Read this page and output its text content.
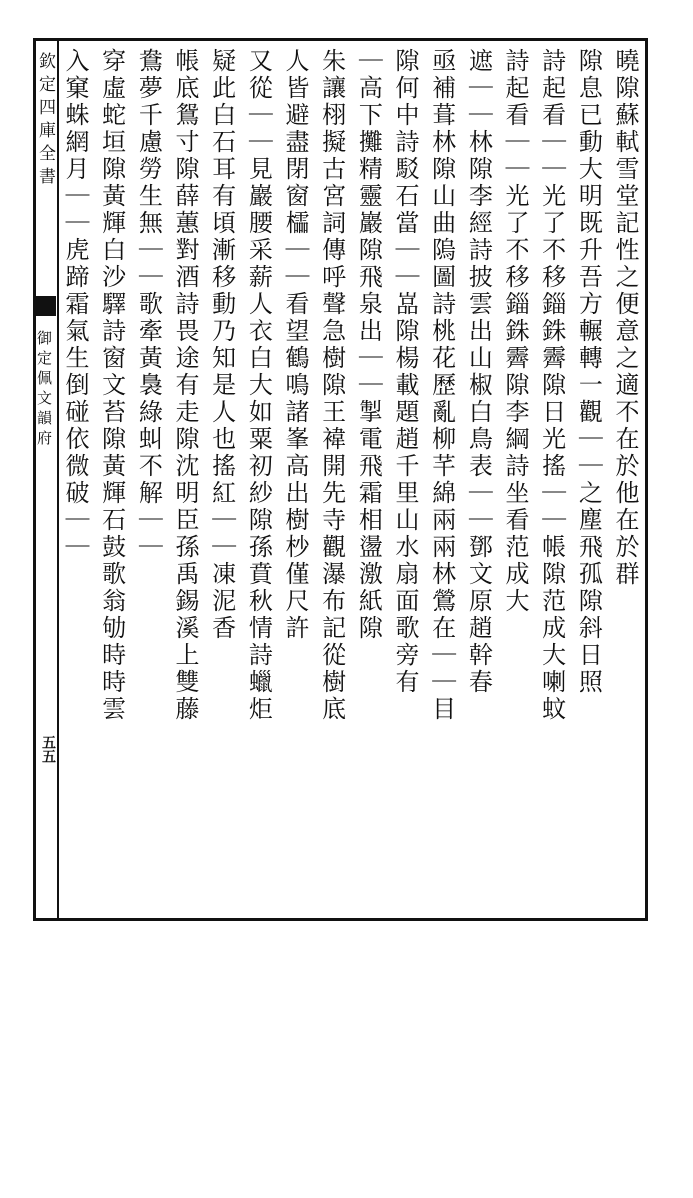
欽定四庫全書
御定佩文韻府
五五
曉隙蘇軾雪堂記性之便意之適不在於他在於群
隙息已動大明既升吾方輾轉一觀｜｜之塵飛孤隙斜日照
詩起看｜｜光了不移錙銖霽隙日光搖｜｜帳隙范成大喇蚊
詩起看｜｜光了不移錙銖霽隙李綱詩坐看范成大
遮｜｜林隙李經詩披雲出山椒白鳥表｜｜鄧文原趙幹春
亟補葺林隙山曲隖圖詩桃花歷亂柳芊綿兩兩林鶯在｜｜目
隙何中詩駁石當｜｜嵓隙楊載題趙千里山水扇面歌旁有
｜高下攤精靈巖隙飛泉出｜｜掣電飛霜相盪激紙隙
朱讓栩擬古宮詞傳呼聲急樹隙王褘開先寺觀瀑布記從樹底
人皆避盡閉窗櫺｜｜看望鶴鳴諸峯高出樹杪僅尺許
又從｜｜見巖腰采薪人衣白大如粟初紗隙孫賁秋情詩蠟炬
疑此白石耳有頃漸移動乃知是人也搖紅｜｜凍泥香
帳底鴛寸隙薛蕙對酒詩畏途有走隙沈明臣孫禹錫溪上雙藤
鴦夢千慮勞生無｜｜歌牽黃裊綠虯不解｜｜
穿虛蛇垣隙黃輝白沙驛詩窗文苔隙黃輝石鼓歌翁劬時時雲
入窠蛛網月｜｜虎蹄霜氣生倒碰依微破｜｜
